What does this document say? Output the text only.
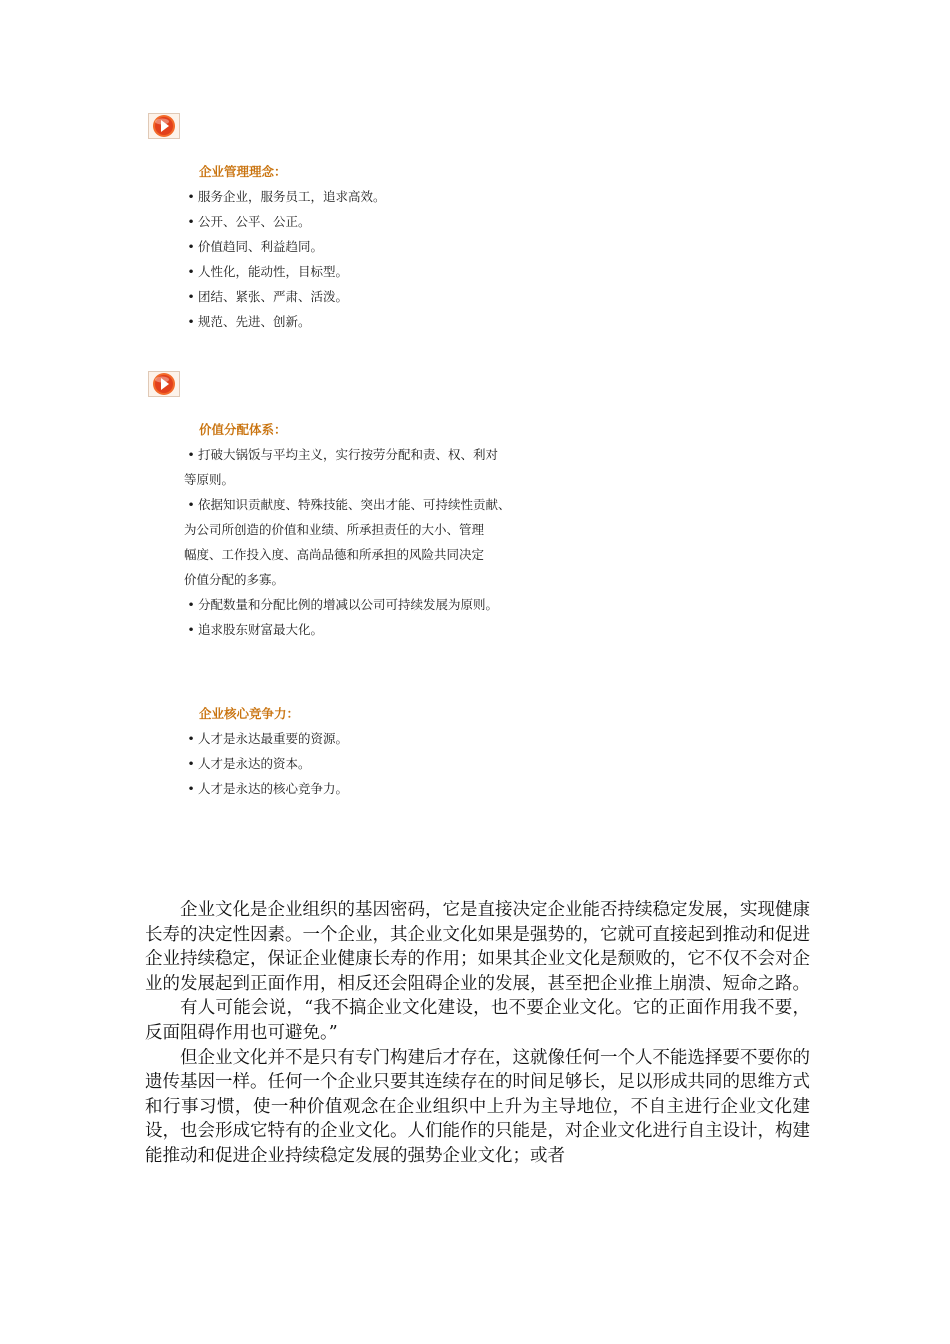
企业管理理念：
• 服务企业，服务员工，追求高效。
• 公开、公平、公正。
• 价值趋同、利益趋同。
• 人性化，能动性，目标型。
• 团结、紧张、严肃、活泼。
• 规范、先进、创新。
价值分配体系：
• 打破大锅饭与平均主义，实行按劳分配和责、权、利对
等原则。
• 依据知识贡献度、特殊技能、突出才能、可持续性贡献、
为公司所创造的价值和业绩、所承担责任的大小、管理
幅度、工作投入度、高尚品德和所承担的风险共同决定
价值分配的多寡。
• 分配数量和分配比例的增减以公司可持续发展为原则。
• 追求股东财富最大化。
企业核心竞争力：
• 人才是永达最重要的资源。
• 人才是永达的资本。
• 人才是永达的核心竞争力。

企业文化是企业组织的基因密码，它是直接决定企业能否持续稳定发展，实现健康长寿的决定性因素。一个企业，其企业文化如果是强势的，它就可直接起到推动和促进企业持续稳定，保证企业健康长寿的作用；如果其企业文化是颓败的，它不仅不会对企业的发展起到正面作用，相反还会阻碍企业的发展，甚至把企业推上崩溃、短命之路。

有人可能会说，“我不搞企业文化建设，也不要企业文化。它的正面作用我不要，反面阻碍作用也可避免。”

但企业文化并不是只有专门构建后才存在，这就像任何一个人不能选择要不要你的遗传基因一样。任何一个企业只要其连续存在的时间足够长，足以形成共同的思维方式和行事习惯，使一种价值观念在企业组织中上升为主导地位，不自主进行企业文化建设，也会形成它特有的企业文化。人们能作的只能是，对企业文化进行自主设计，构建能推动和促进企业持续稳定发展的强势企业文化；或者
